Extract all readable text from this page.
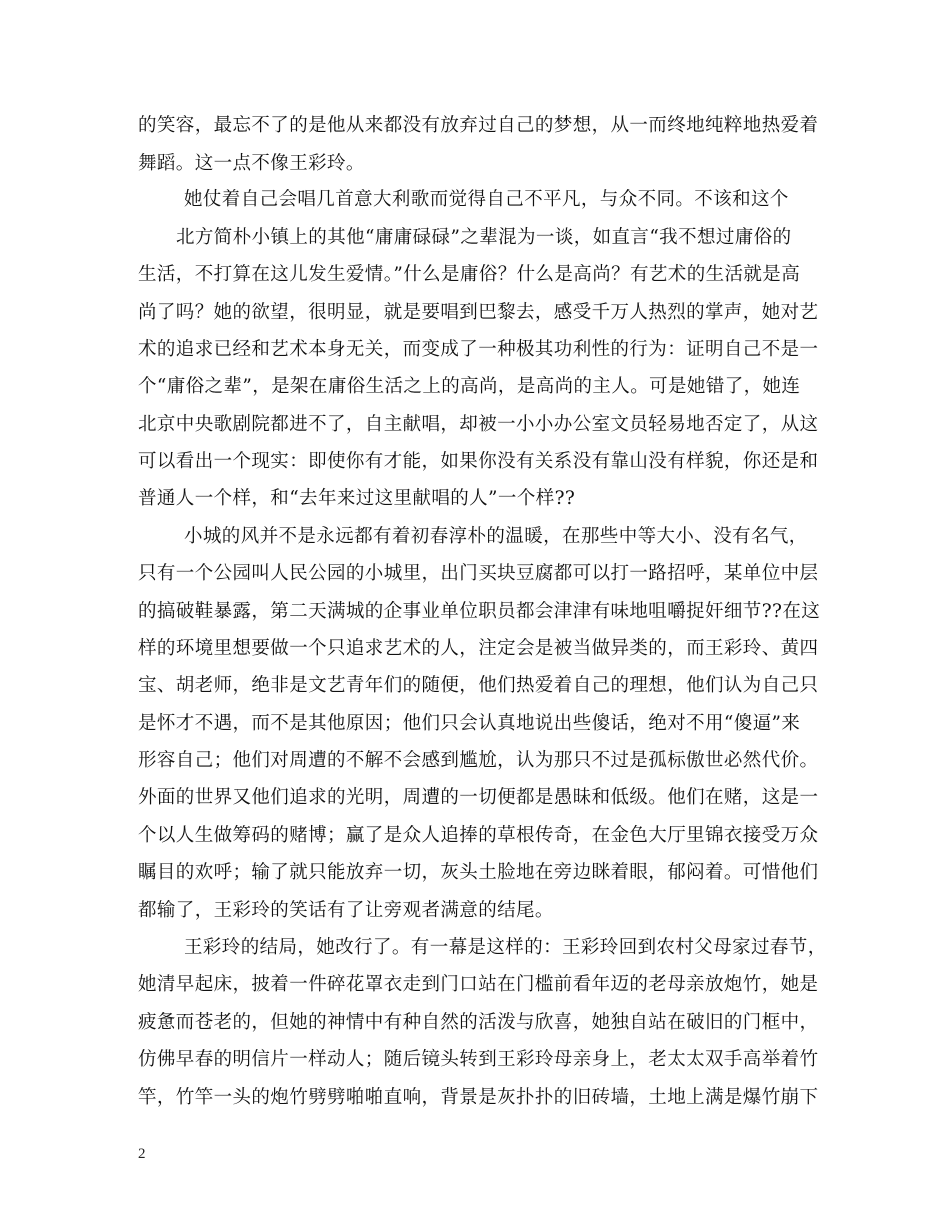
的笑容，最忘不了的是他从来都没有放弃过自己的梦想，从一而终地纯粹地热爱着
舞蹈。这一点不像王彩玲。
她仗着自己会唱几首意大利歌而觉得自己不平凡，与众不同。不该和这个
北方简朴小镇上的其他“庸庸碌碌”之辈混为一谈，如直言“我不想过庸俗的
生活，不打算在这儿发生爱情。”什么是庸俗？什么是高尚？有艺术的生活就是高
尚了吗？她的欲望，很明显，就是要唱到巴黎去，感受千万人热烈的掌声，她对艺
术的追求已经和艺术本身无关，而变成了一种极其功利性的行为：证明自己不是一
个“庸俗之辈”，是架在庸俗生活之上的高尚，是高尚的主人。可是她错了，她连
北京中央歌剧院都进不了，自主献唱，却被一小小办公室文员轻易地否定了，从这
可以看出一个现实：即使你有才能，如果你没有关系没有靠山没有样貌，你还是和
普通人一个样，和“去年来过这里献唱的人”一个样??
小城的风并不是永远都有着初春淳朴的温暖，在那些中等大小、没有名气，
只有一个公园叫人民公园的小城里，出门买块豆腐都可以打一路招呼，某单位中层
的搞破鞋暴露，第二天满城的企事业单位职员都会津津有味地咀嚼捉奸细节??在这
样的环境里想要做一个只追求艺术的人，注定会是被当做异类的，而王彩玲、黄四
宝、胡老师，绝非是文艺青年们的随便，他们热爱着自己的理想，他们认为自己只
是怀才不遇，而不是其他原因；他们只会认真地说出些傻话，绝对不用“傻逼”来
形容自己；他们对周遭的不解不会感到尴尬，认为那只不过是孤标傲世必然代价。
外面的世界又他们追求的光明，周遭的一切便都是愚昧和低级。他们在赌，这是一
个以人生做筹码的赌博；赢了是众人追捧的草根传奇，在金色大厅里锦衣接受万众
瞩目的欢呼；输了就只能放弃一切，灰头土脸地在旁边眯着眼，郁闷着。可惜他们
都输了，王彩玲的笑话有了让旁观者满意的结尾。
王彩玲的结局，她改行了。有一幕是这样的：王彩玲回到农村父母家过春节，
她清早起床，披着一件碎花罩衣走到门口站在门槛前看年迈的老母亲放炮竹，她是
疲惫而苍老的，但她的神情中有种自然的活泼与欣喜，她独自站在破旧的门框中，
仿佛早春的明信片一样动人；随后镜头转到王彩玲母亲身上，老太太双手高举着竹
竿，竹竿一头的炮竹劈劈啪啪直响，背景是灰扑扑的旧砖墙，土地上满是爆竹崩下
2
